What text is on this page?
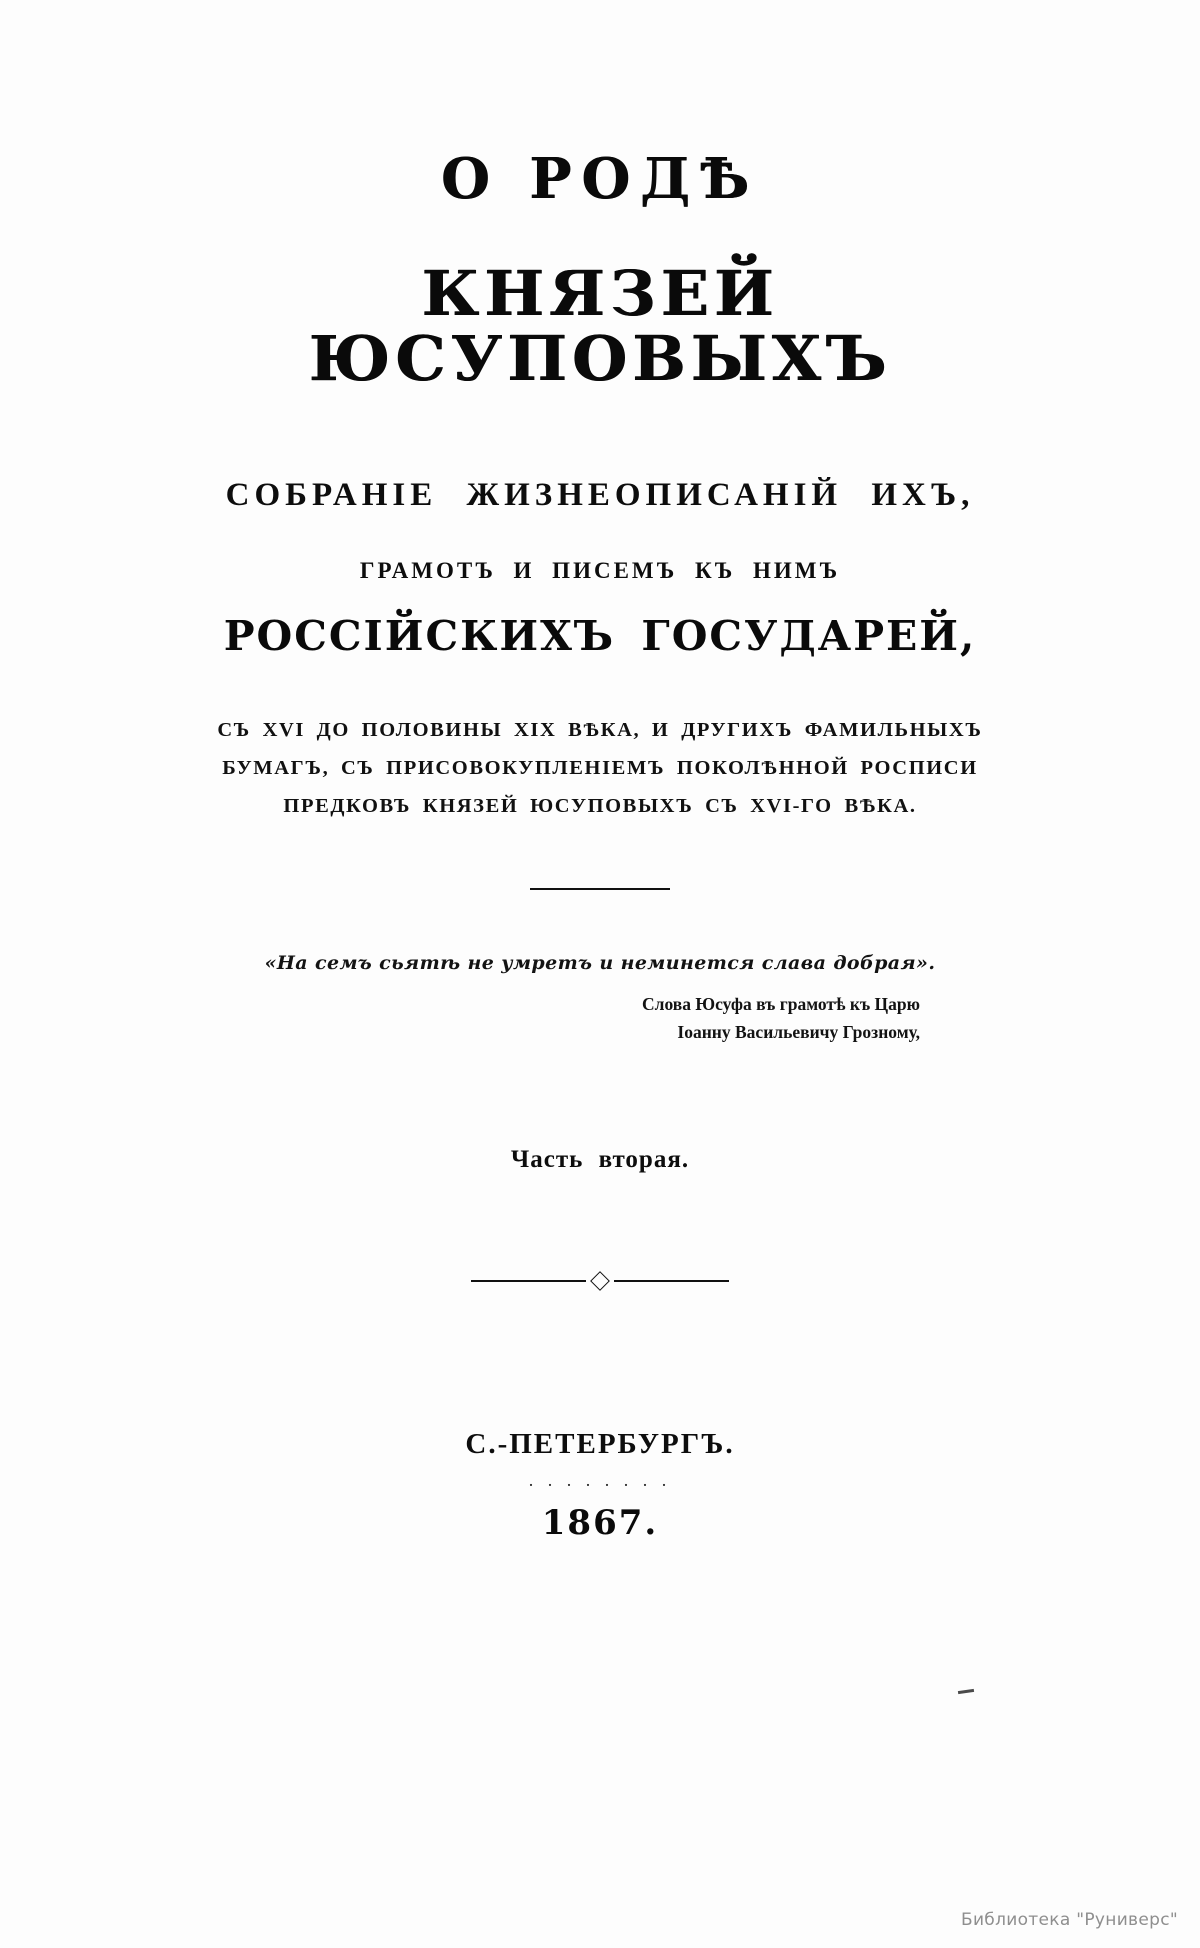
О РОДѢ
КНЯЗЕЙ ЮСУПОВЫХЪ
СОБРАНІЕ ЖИЗНЕОПИСАНІЙ ИХЪ,
ГРАМОТЪ И ПИСЕМЪ КЪ НИМЪ
РОССІЙСКИХЪ ГОСУДАРЕЙ,
СЪ XVI ДО ПОЛОВИНЫ XIX ВѢКА, И ДРУГИХЪ ФАМИЛЬНЫХЪ БУМАГЪ, СЪ ПРИСОВОКУПЛЕНІЕМЪ ПОКОЛѢННОЙ РОСПИСИ ПРЕДКОВЪ КНЯЗЕЙ ЮСУПОВЫХЪ СЪ XVI-ГО ВѢКА.
«На семъ сьятѣ не умретъ и неминется слава добрая».
Слова Юсуфа въ грамотѣ къ Царю
Іоанну Васильевичу Грозному,
Часть вторая.
С.-ПЕТЕРБУРГЪ.
. . . . . . . .
1867.
Библиотека "Руниверс"
